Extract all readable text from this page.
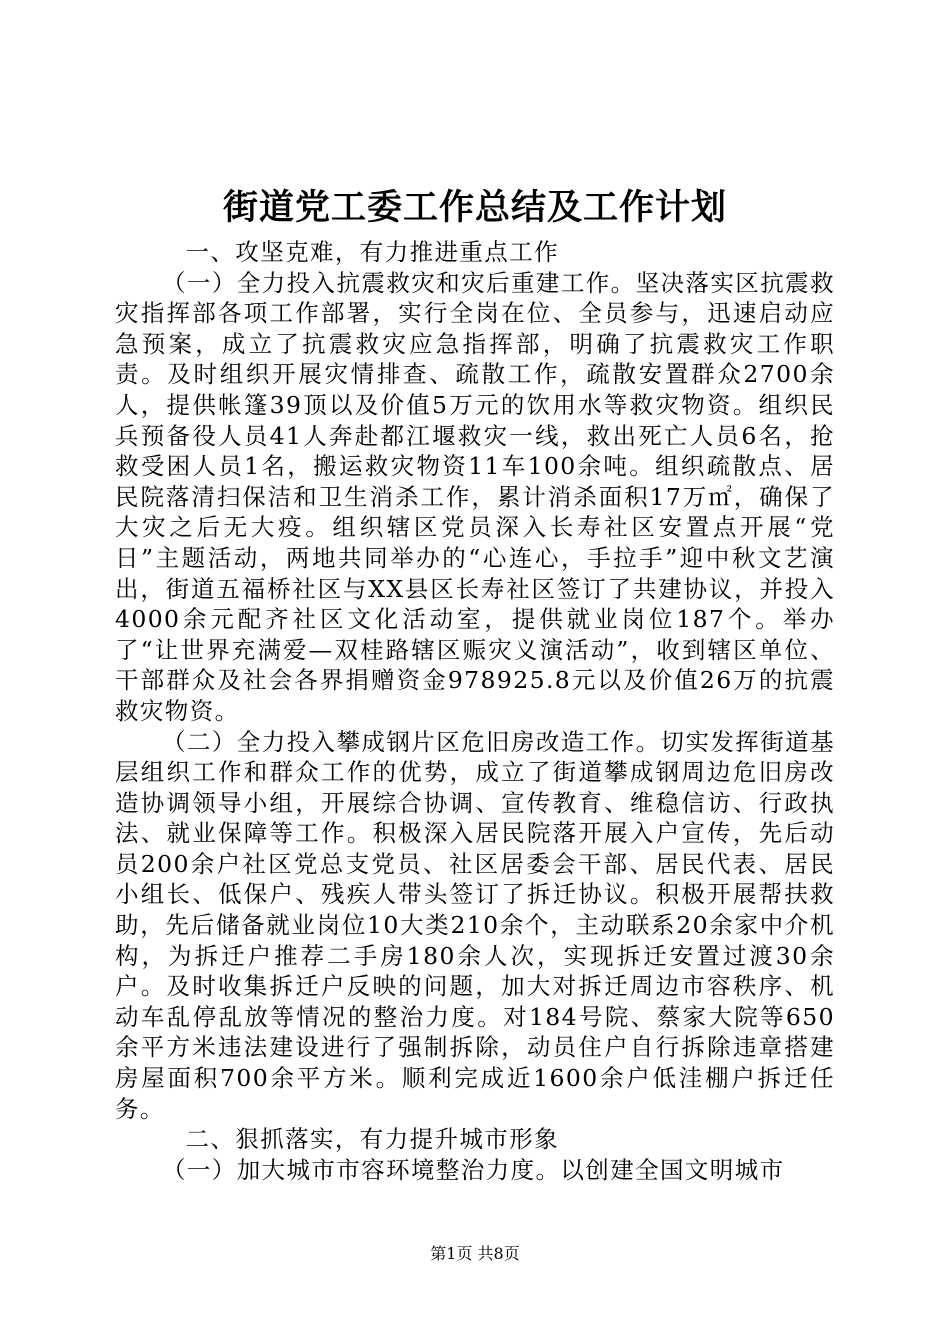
街道党工委工作总结及工作计划

一、攻坚克难，有力推进重点工作

（一）全力投入抗震救灾和灾后重建工作。坚决落实区抗震救灾指挥部各项工作部署，实行全岗在位、全员参与，迅速启动应急预案，成立了抗震救灾应急指挥部，明确了抗震救灾工作职责。及时组织开展灾情排查、疏散工作，疏散安置群众2700余人，提供帐篷39顶以及价值5万元的饮用水等救灾物资。组织民兵预备役人员41人奔赴都江堰救灾一线，救出死亡人员6名，抢救受困人员1名，搬运救灾物资11车100余吨。组织疏散点、居民院落清扫保洁和卫生消杀工作，累计消杀面积17万㎡，确保了大灾之后无大疫。组织辖区党员深入长寿社区安置点开展“党日”主题活动，两地共同举办的“心连心，手拉手”迎中秋文艺演出，街道五福桥社区与XX县区长寿社区签订了共建协议，并投入4000余元配齐社区文化活动室，提供就业岗位187个。举办了“让世界充满爱—双桂路辖区赈灾义演活动”，收到辖区单位、干部群众及社会各界捐赠资金978925.8元以及价值26万的抗震救灾物资。

（二）全力投入攀成钢片区危旧房改造工作。切实发挥街道基层组织工作和群众工作的优势，成立了街道攀成钢周边危旧房改造协调领导小组，开展综合协调、宣传教育、维稳信访、行政执法、就业保障等工作。积极深入居民院落开展入户宣传，先后动员200余户社区党总支党员、社区居委会干部、居民代表、居民小组长、低保户、残疾人带头签订了拆迁协议。积极开展帮扶救助，先后储备就业岗位10大类210余个，主动联系20余家中介机构，为拆迁户推荐二手房180余人次，实现拆迁安置过渡30余户。及时收集拆迁户反映的问题，加大对拆迁周边市容秩序、机动车乱停乱放等情况的整治力度。对184号院、蔡家大院等650余平方米违法建设进行了强制拆除，动员住户自行拆除违章搭建房屋面积700余平方米。顺利完成近1600余户低洼棚户拆迁任务。

二、狠抓落实，有力提升城市形象

（一）加大城市市容环境整治力度。以创建全国文明城市

第1页 共8页
